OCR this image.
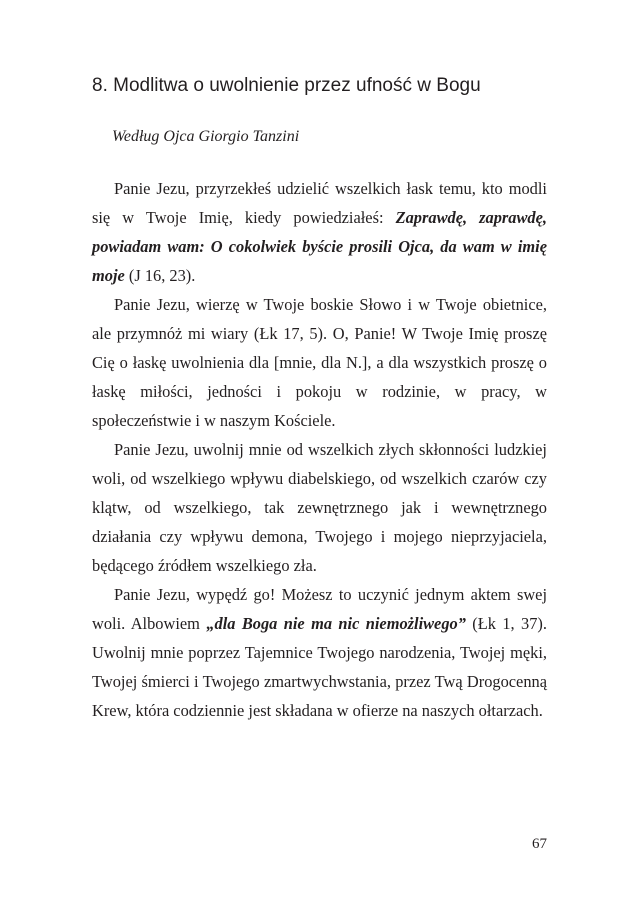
8. Modlitwa o uwolnienie przez ufność w Bogu
Według Ojca Giorgio Tanzini

Panie Jezu, przyrzekłeś udzielić wszelkich łask temu, kto modli się w Twoje Imię, kiedy powiedziałeś: Zaprawdę, zaprawdę, powiadam wam: O cokolwiek byście prosili Ojca, da wam w imię moje (J 16, 23).

Panie Jezu, wierzę w Twoje boskie Słowo i w Twoje obietnice, ale przymnóż mi wiary (Łk 17, 5). O, Panie! W Twoje Imię proszę Cię o łaskę uwolnienia dla [mnie, dla N.], a dla wszystkich proszę o łaskę miłości, jedności i pokoju w rodzinie, w pracy, w społeczeństwie i w naszym Kościele.

Panie Jezu, uwolnij mnie od wszelkich złych skłonności ludzkiej woli, od wszelkiego wpływu diabelskiego, od wszelkich czarów czy klątw, od wszelkiego, tak zewnętrznego jak i wewnętrznego działania czy wpływu demona, Twojego i mojego nieprzyjaciela, będącego źródłem wszelkiego zła.

Panie Jezu, wypędź go! Możesz to uczynić jednym aktem swej woli. Albowiem „dla Boga nie ma nic niemożliwego” (Łk 1, 37). Uwolnij mnie poprzez Tajemnice Twojego narodzenia, Twojej męki, Twojej śmierci i Twojego zmartwychwstania, przez Twą Drogocenną Krew, która codziennie jest składana w ofierze na naszych ołtarzach.

67
